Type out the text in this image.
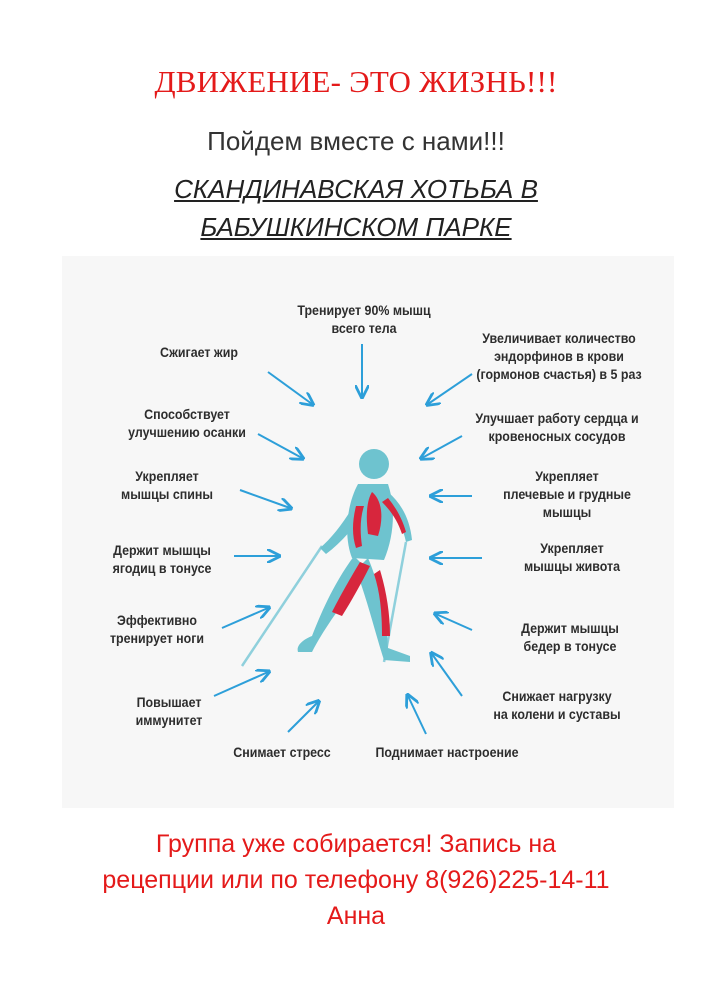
ДВИЖЕНИЕ- ЭТО ЖИЗНЬ!!!
Пойдем вместе с нами!!!
СКАНДИНАВСКАЯ ХОТЬБА В
БАБУШКИНСКОМ ПАРКЕ
Тренирует 90% мышц
всего тела
Сжигает жир
Увеличивает количество
эндорфинов в крови
(гормонов счастья) в 5 раз
Способствует
улучшению осанки
Улучшает работу сердца и
кровеносных сосудов
Укрепляет
мышцы спины
Укрепляет
плечевые и грудные
мышцы
Держит мышцы
ягодиц в тонусе
Укрепляет
мышцы живота
Эффективно
тренирует ноги
Держит мышцы
бедер в тонусе
Повышает
иммунитет
Снижает нагрузку
на колени и суставы
Снимает стресс	Поднимает настроение
Группа уже собирается! Запись на
рецепции или по телефону 8(926)225-14-11
Анна
